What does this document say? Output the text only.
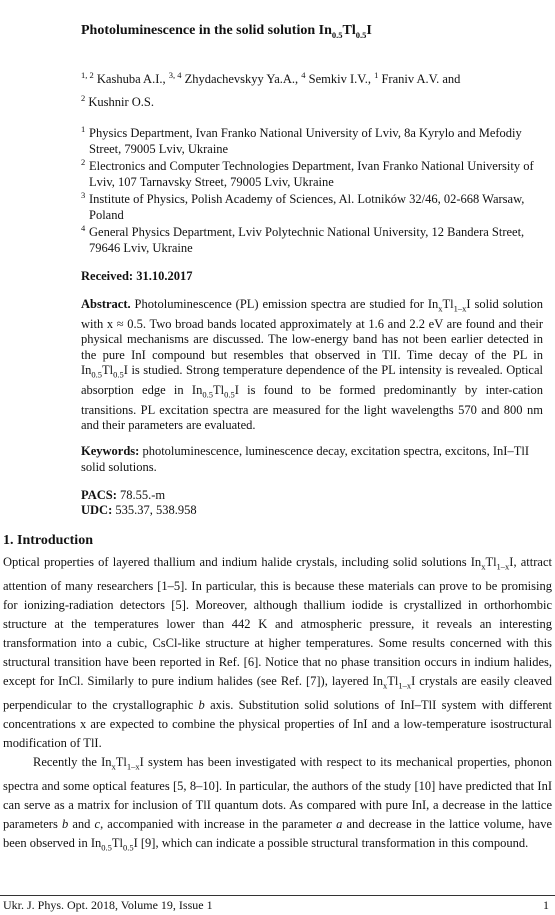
Photoluminescence in the solid solution $In_{0.5}Tl_{0.5}I$
$^{1, 2}$ Kashuba A.I., $^{3, 4}$ Zhydachevskyy Ya.A., $^4$ Semkiv I.V., $^1$ Franiv A.V. and
$^2$ Kushnir O.S.
1 Physics Department, Ivan Franko National University of Lviv, 8a Kyrylo and Mefodiy Street, 79005 Lviv, Ukraine
2 Electronics and Computer Technologies Department, Ivan Franko National University of Lviv, 107 Tarnavsky Street, 79005 Lviv, Ukraine
3 Institute of Physics, Polish Academy of Sciences, Al. Lotników 32/46, 02-668 Warsaw, Poland
4 General Physics Department, Lviv Polytechnic National University, 12 Bandera Street, 79646 Lviv, Ukraine
Received: 31.10.2017
Abstract. Photoluminescence (PL) emission spectra are studied for $In_xTl_{1-x}I$ solid solution with x ≈ 0.5. Two broad bands located approximately at 1.6 and 2.2 eV are found and their physical mechanisms are discussed. The low-energy band has not been earlier detected in the pure InI compound but resembles that observed in TlI. Time decay of the PL in $In_{0.5}Tl_{0.5}I$ is studied. Strong temperature dependence of the PL intensity is revealed. Optical absorption edge in $In_{0.5}Tl_{0.5}I$ is found to be formed predominantly by inter-cation transitions. PL excitation spectra are measured for the light wavelengths 570 and 800 nm and their parameters are evaluated.
Keywords: photoluminescence, luminescence decay, excitation spectra, excitons, InI–TlI solid solutions.
PACS: 78.55.-m
UDC: 535.37, 538.958
1. Introduction

Optical properties of layered thallium and indium halide crystals, including solid solutions $In_xTl_{1-x}I$, attract attention of many researchers [1–5]. In particular, this is because these materials can prove to be promising for ionizing-radiation detectors [5]. Moreover, although thallium iodide is crystallized in orthorhombic structure at the temperatures lower than 442 K and atmospheric pressure, it reveals an interesting transformation into a cubic, CsCl-like structure at higher temperatures. Some results concerned with this structural transition have been reported in Ref. [6]. Notice that no phase transition occurs in indium halides, except for InCl. Similarly to pure indium halides (see Ref. [7]), layered $In_xTl_{1-x}I$ crystals are easily cleaved perpendicular to the crystallographic b axis. Substitution solid solutions of InI–TlI system with different concentrations x are expected to combine the physical properties of InI and a low-temperature isostructural modification of TlI.

Recently the $In_xTl_{1-x}I$ system has been investigated with respect to its mechanical properties, phonon spectra and some optical features [5, 8–10]. In particular, the authors of the study [10] have predicted that InI can serve as a matrix for inclusion of TlI quantum dots. As compared with pure InI, a decrease in the lattice parameters b and c, accompanied with increase in the parameter a and decrease in the lattice volume, have been observed in $In_{0.5}Tl_{0.5}I$ [9], which can indicate a possible structural transformation in this compound.

Ukr. J. Phys. Opt. 2018, Volume 19, Issue 1	1
